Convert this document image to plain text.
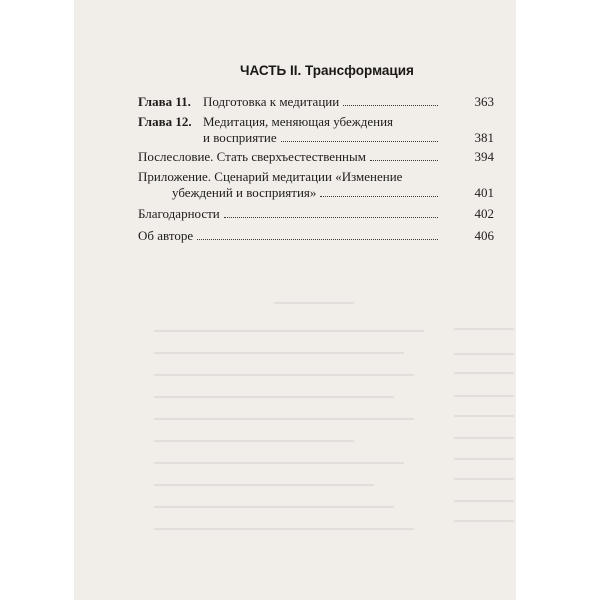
ЧАСТЬ II. Трансформация
Глава 11. Подготовка к медитации	363
Глава 12. Медитация, меняющая убеждения
и восприятие	381
Послесловие. Стать сверхъестественным	394
Приложение. Сценарий медитации «Изменение
убеждений и восприятия»	401
Благодарности	402
Об авторе	406
